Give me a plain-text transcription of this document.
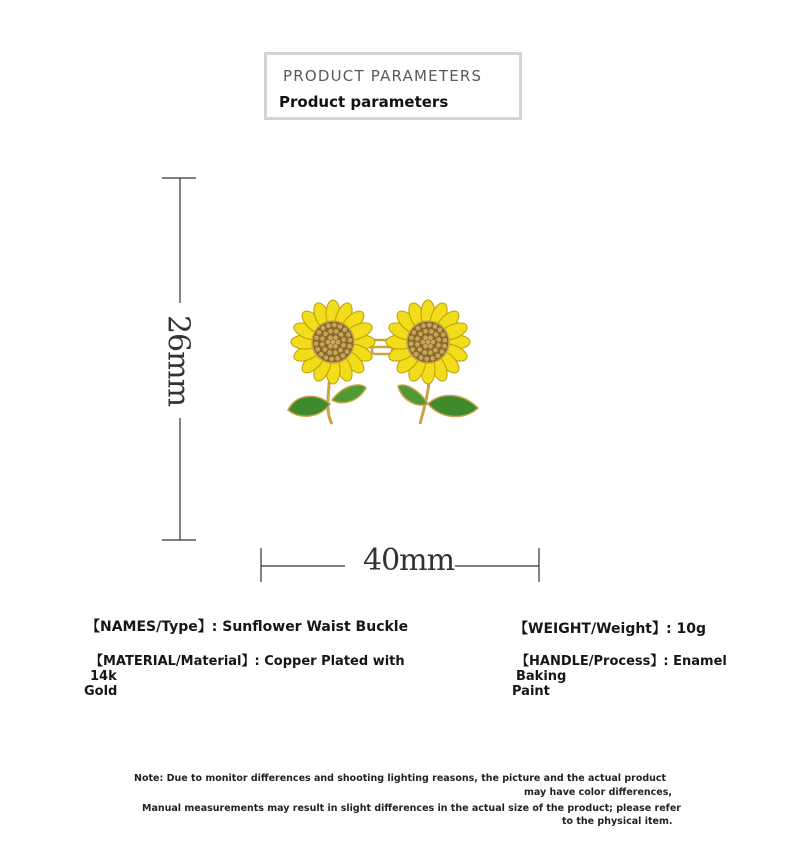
PRODUCT PARAMETERS
Product parameters
26mm
40mm
【NAMES/Type】: Sunflower Waist Buckle	【WEIGHT/Weight】: 10g
【MATERIAL/Material】: Copper Plated with 14k
Gold
【HANDLE/Process】: Enamel Baking
Paint
Note: Due to monitor differences and shooting lighting reasons, the picture and the actual product
may have color differences,
Manual measurements may result in slight differences in the actual size of the product; please refer
to the physical item.
